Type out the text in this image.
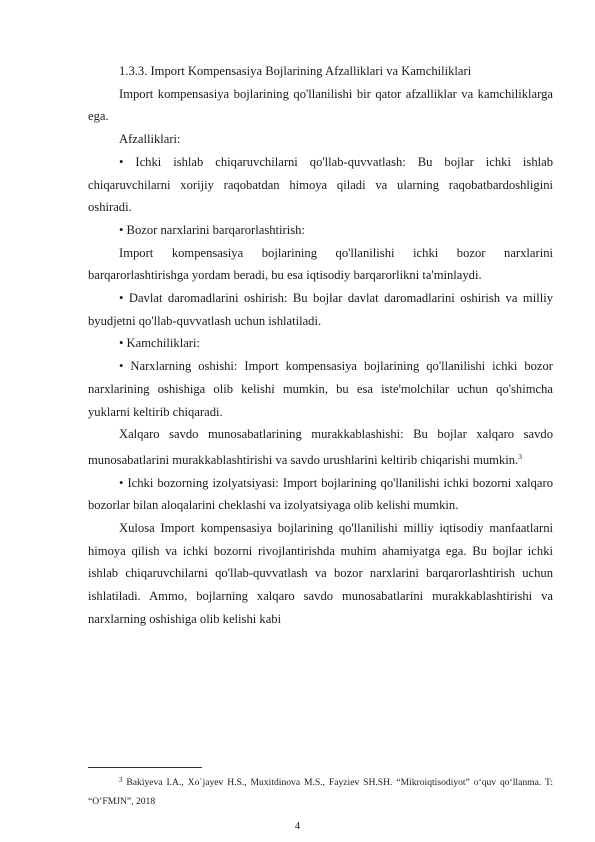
1.3.3. Import Kompensasiya Bojlarining Afzalliklari va Kamchiliklari

Import kompensasiya bojlarining qo'llanilishi bir qator afzalliklar va kamchiliklarga ega.

Afzalliklari:

• Ichki ishlab chiqaruvchilarni qo'llab-quvvatlash: Bu bojlar ichki ishlab chiqaruvchilarni xorijiy raqobatdan himoya qiladi va ularning raqobatbardoshligini oshiradi.

• Bozor narxlarini barqarorlashtirish:

Import kompensasiya bojlarining qo'llanilishi ichki bozor narxlarini barqarorlashtirishga yordam beradi, bu esa iqtisodiy barqarorlikni ta'minlaydi.

• Davlat daromadlarini oshirish: Bu bojlar davlat daromadlarini oshirish va milliy byudjetni qo'llab-quvvatlash uchun ishlatiladi.

• Kamchiliklari:

• Narxlarning oshishi: Import kompensasiya bojlarining qo'llanilishi ichki bozor narxlarining oshishiga olib kelishi mumkin, bu esa iste'molchilar uchun qo'shimcha yuklarni keltirib chiqaradi.

Xalqaro savdo munosabatlarining murakkablashishi: Bu bojlar xalqaro savdo munosabatlarini murakkablashtirishi va savdo urushlarini keltirib chiqarishi mumkin.$^3$

• Ichki bozorning izolyatsiyasi: Import bojlarining qo'llanilishi ichki bozorni xalqaro bozorlar bilan aloqalarini cheklashi va izolyatsiyaga olib kelishi mumkin.

Xulosa Import kompensasiya bojlarining qo'llanilishi milliy iqtisodiy manfaatlarni himoya qilish va ichki bozorni rivojlantirishda muhim ahamiyatga ega. Bu bojlar ichki ishlab chiqaruvchilarni qo'llab-quvvatlash va bozor narxlarini barqarorlashtirish uchun ishlatiladi. Ammo, bojlarning xalqaro savdo munosabatlarini murakkablashtirishi va narxlarning oshishiga olib kelishi kabi

$^3$ Bakiyeva I.A., Xo`jayev H.S., Muxitdinova M.S., Fayziev SH.SH. “Mikroiqtisodiyot” o‘quv qo‘llanma. T: “O’FMJN”, 2018

4
